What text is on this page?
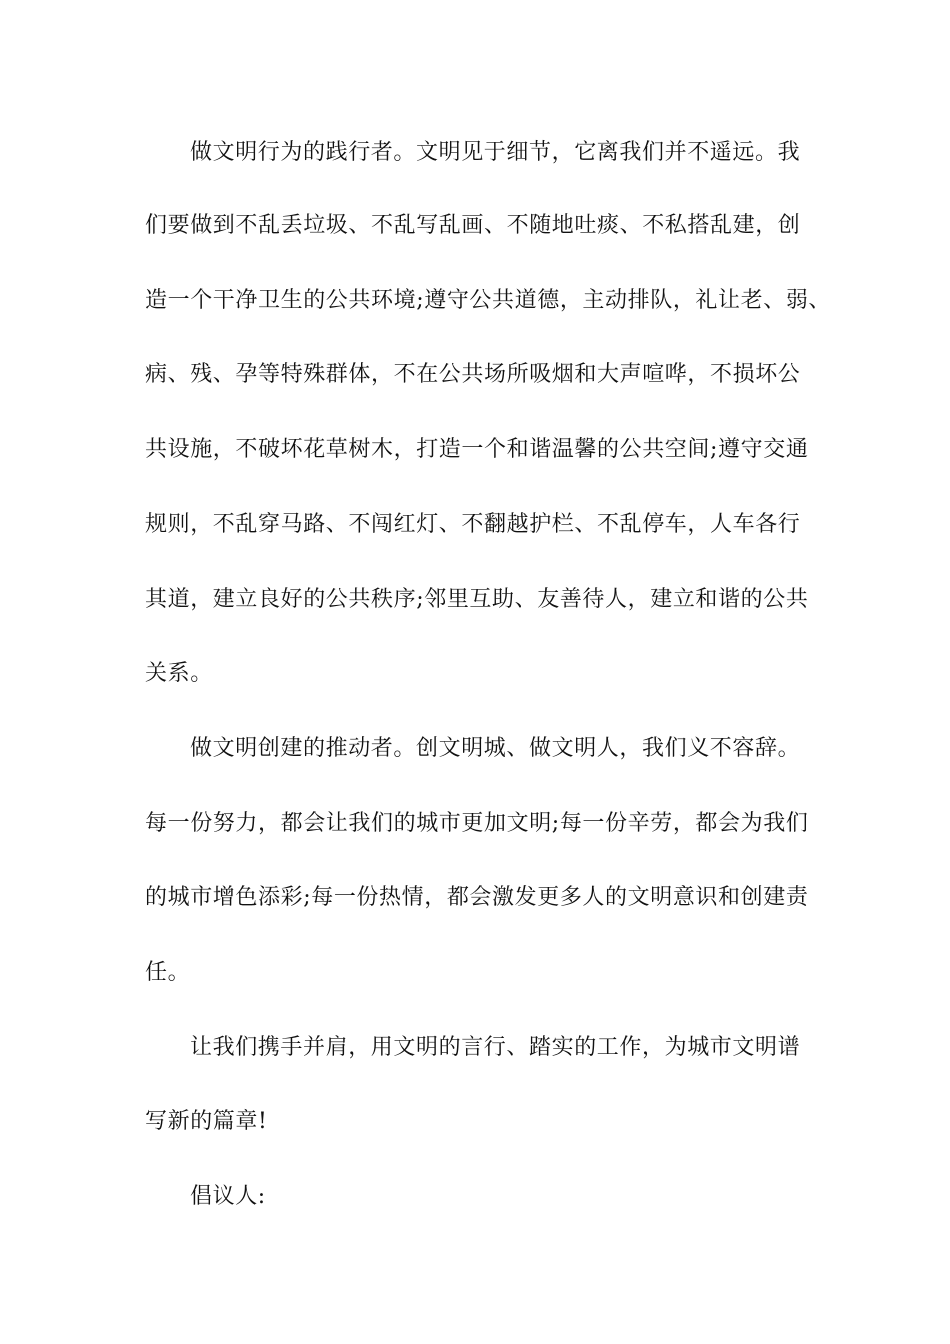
做文明行为的践行者。文明见于细节，它离我们并不遥远。我
们要做到不乱丢垃圾、不乱写乱画、不随地吐痰、不私搭乱建，创
造一个干净卫生的公共环境;遵守公共道德，主动排队，礼让老、弱、
病、残、孕等特殊群体，不在公共场所吸烟和大声喧哗，不损坏公
共设施，不破坏花草树木，打造一个和谐温馨的公共空间;遵守交通
规则，不乱穿马路、不闯红灯、不翻越护栏、不乱停车，人车各行
其道，建立良好的公共秩序;邻里互助、友善待人，建立和谐的公共
关系。
做文明创建的推动者。创文明城、做文明人，我们义不容辞。
每一份努力，都会让我们的城市更加文明;每一份辛劳，都会为我们
的城市增色添彩;每一份热情，都会激发更多人的文明意识和创建责
任。
让我们携手并肩，用文明的言行、踏实的工作，为城市文明谱
写新的篇章!
倡议人:
